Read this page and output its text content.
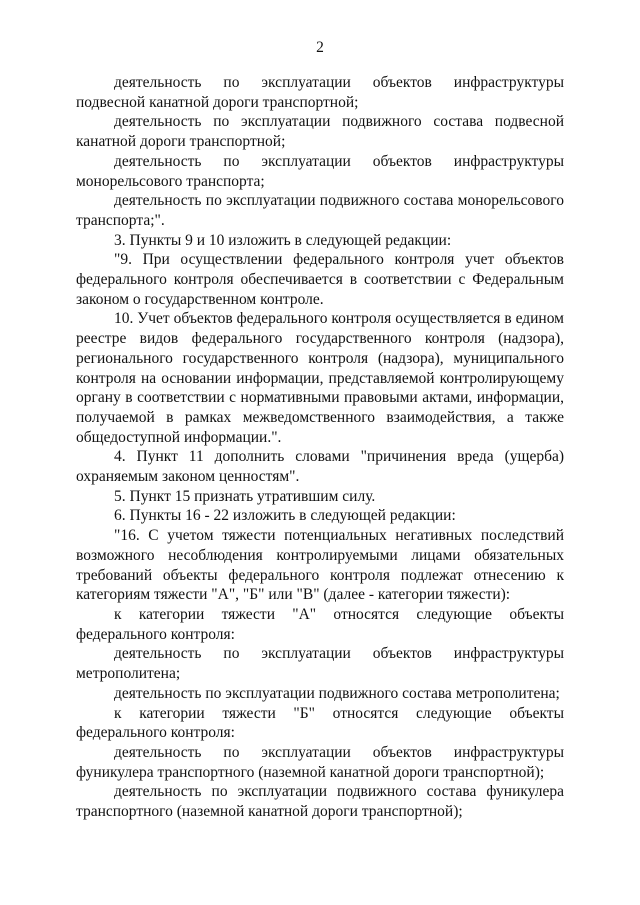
2

деятельность по эксплуатации объектов инфраструктуры подвесной канатной дороги транспортной;

деятельность по эксплуатации подвижного состава подвесной канатной дороги транспортной;

деятельность по эксплуатации объектов инфраструктуры монорельсового транспорта;

деятельность по эксплуатации подвижного состава монорельсового транспорта;".

3. Пункты 9 и 10 изложить в следующей редакции:

"9. При осуществлении федерального контроля учет объектов федерального контроля обеспечивается в соответствии с Федеральным законом о государственном контроле.

10. Учет объектов федерального контроля осуществляется в едином реестре видов федерального государственного контроля (надзора), регионального государственного контроля (надзора), муниципального контроля на основании информации, представляемой контролирующему органу в соответствии с нормативными правовыми актами, информации, получаемой в рамках межведомственного взаимодействия, а также общедоступной информации.".

4. Пункт 11 дополнить словами "причинения вреда (ущерба) охраняемым законом ценностям".

5. Пункт 15 признать утратившим силу.

6. Пункты 16 - 22 изложить в следующей редакции:

"16. С учетом тяжести потенциальных негативных последствий возможного несоблюдения контролируемыми лицами обязательных требований объекты федерального контроля подлежат отнесению к категориям тяжести "А", "Б" или "В" (далее - категории тяжести):

к категории тяжести "А" относятся следующие объекты федерального контроля:

деятельность по эксплуатации объектов инфраструктуры метрополитена;

деятельность по эксплуатации подвижного состава метрополитена;

к категории тяжести "Б" относятся следующие объекты федерального контроля:

деятельность по эксплуатации объектов инфраструктуры фуникулера транспортного (наземной канатной дороги транспортной);

деятельность по эксплуатации подвижного состава фуникулера транспортного (наземной канатной дороги транспортной);
